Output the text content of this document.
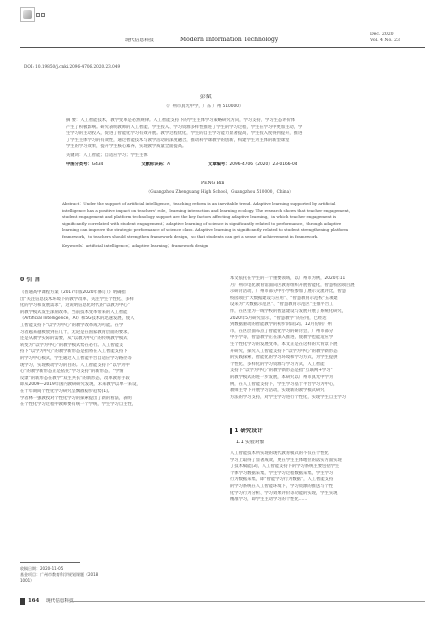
现代信息科技	Modern Information Technology
Dec. 2020
Vol. 4 No. 23
DOI: 10.19850/j.cnki.2096-4706.2020.23.049
彭斌
（广州市真光中学，广东 广州 510000）

摘 要：人工智能技术，教学变革是必然规律。人工智能支持下的学生主体学习策略研究方向，学习支持、学习生态评价体

产生了积极影响。研究表明教师的人工智能、学生投入、学习资源多样性推进了学生的学习过程，学生在学习中更加主动，学

生学习的主动投入，促进了智能化学习有效开展。教学过程优化，学生的自主学习能力显著提高，学生投入度得到提升，推进

了学生主体学习的有效性，通过智能技术与教学活动的深度融合，推动科学课教学的创新，构建学生为主体的新型课堂

学生的学习效果，提升学生核心素养，实现教学质量全面提高。

关键词：人工智能；自适应学习；学生主体
中图分类号：G434	文献标识码：A	文章编号：2096-4706（2020）23-0166-04
PENG Bin
（Guangzhou Zhenguang High School，Guangzhou 510000，China）

Abstract：Under the support of artificial intelligence，teaching reform is an inevitable trend. Adaptive learning supported by artificial

intelligence has a positive impact on teachers' role，learning interaction and learning ecology. The research shows that teacher engagement，

student engagement and platform technology support are the key factors affecting adaptive learning，in which teacher engagement is

significantly correlated with student engagement；adaptive learning of science is significantly related to performance，through adaptive

learning can improve the strategic performance of science class. Adaptive learning is significantly related to student strengthening platform

framework，to teachers should strengthen framework design，so that students can get a sense of achievement in framework.

Keywords：artificial intelligence；adaptive learning；framework design
0 引 言

《普通高中课程方案（2017年版2020年修订）》明确指

出“关注信息技术环境下的教学改革，关注学生个性化、多样

化的学习和发展需求”，这说明信息化时代的“以教为中心”

的教学模式发生深刻改革，当前技术变革带来的人工智能

（Artificial Intelligence，AI）和5G技术的迅速发展，使人

工智能支持下“以学为中心”的教学改革成为可能。在学

习者越来越被放到在几十，无论是在国家教育层面的要求，

还是从教学实际的需要，从“以教为中心”的传统教学模式

转变为“以学为中心”的教学模式势在必行。人工智能支

持下“以学为中心”的教学新形态是指将在人工智能支持下

的学习中心模式，学生通过人工智能平台自适应学习路径等

现学习，实现被动学习的目的。人工智能支持下“以学为中

心”的教学新形态正是依托“学习支持”的新形态，“学情

反馈”的新形态在教学“双生共长”的新形态，改革教育手段

即从2009—2019年国内教研研究发现，未来教学以单一来设，

在十年期间个性化学习研究呈飘散稳步趋势[1]。

学者林一强教授对个性化学习的探索提出了新的看法，表明

在个性化学习过程中教师要有统一个学统，学生学习自主性，

收稿日期：2020-11-05

基金项目：广州市教育科学规划课题（2018

1001）

本文依托在学生的一个重要领域，以广州市为例，2020年11

月广州市电化教育馆面向区教育组织开展智能化，智慧校园项目展

示研讨活动，广州市部分中小学校参加了展示交流评比，智慧

校园项目“大数据建设与应用”、“智慧教育示范校”五项建

设来为“大数据示范区”、“智慧教育示范区”主推平台工

作，在区里为一线学校的智慧建设与发展开展了系统化研究，

2020年5月研究显示，‘‘智慧教学’’的应用，已经达

到数据驱动的智能教学的初步阶段[2]。12月份的广州

市，在区层面布点了智能化学习的研讨会，广州市部分

中小学等，智慧教学正在深入推进，使教学也能适应学

生个性化学习的发展变革，本文正是在这样的大背景下展

开研究，探究人工智能支持下“以学为中心”的教学新形态

的实践探索，智能化的学习环境和学习方式，为学生提供

个性化、多样化的学习资源与学习方式，人工智能

支持下“以学为中心”的教学新形态是指“互联网+学习”

的教学模式的进一步发展，本研究以广州市真光中学为

例，在人工智能支持下，学生学习基于平台学习为中心，

教师主导下开展学习活动，实现新的教学模式研究

方法的学习支持，对学生学习进行个性化，实现学生自主学习

1 研究设计
1.1 实验对象

人工智能技术所实现的现代教育模式的不仅在个性化

学习上取得了显著成效，更在学生主体地位的落实方面实现

了技术赋能[3]，人工智能支持下的学习系统主要包括学生

个体学习数据采集，学生学习过程数据采集，学生学习

行为数据采集，即“智能学习行为数据”，人工智能支持

的学习系统在人工智能环境下，学习资源的推送与个性

化学习行为分析、学习效果评价等功能的实现，学生实现

精准学习，即学生主动学习的个性化……

164 现代信息科技
